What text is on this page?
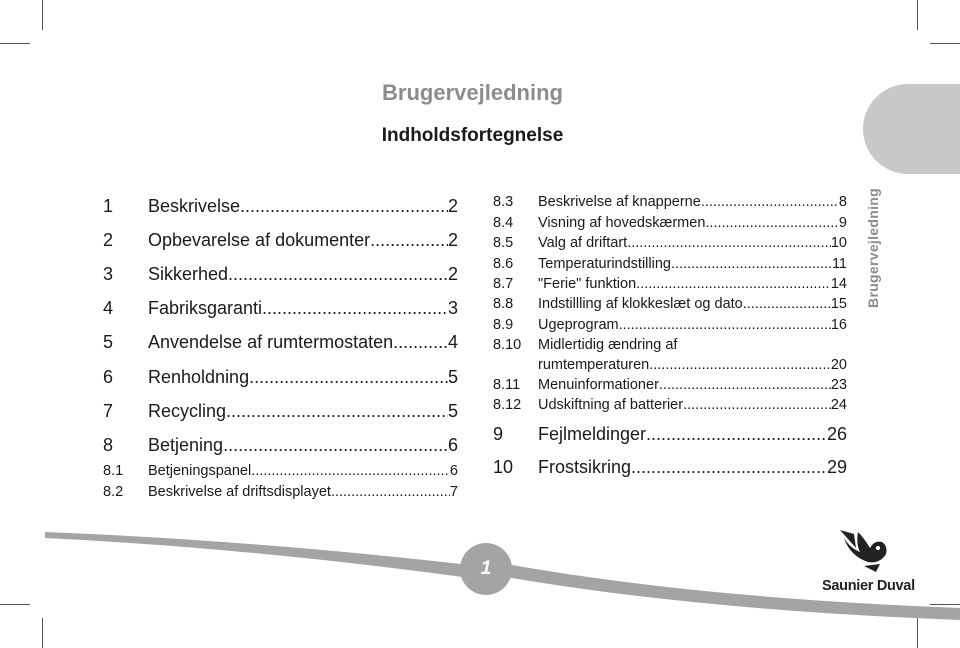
Brugervejledning
Brugervejledning
Indholdsfortegnelse
1	Beskrivelse .....	2
2	Opbevarelse af dokumenter .....	2
3	Sikkerhed .....	2
4	Fabriksgaranti .....	3
5	Anvendelse af rumtermostaten .....	4
6	Renholdning .....	5
7	Recycling .....	5
8	Betjening .....	6
8.1	Betjeningspanel .....	6
8.2	Beskrivelse af driftsdisplayet .....	7
8.3	Beskrivelse af knapperne .....	8
8.4	Visning af hovedskærmen .....	9
8.5	Valg af driftart .....	10
8.6	Temperaturindstilling .....	11
8.7	"Ferie" funktion .....	14
8.8	Indstillling af klokkeslæt og dato .....	15
8.9	Ugeprogram .....	16
8.10	Midlertidig ændring af
rumtemperaturen .....	20
8.11	Menuinformationer .....	23
8.12	Udskiftning af batterier .....	24
9	Fejlmeldinger .....	26
10	Frostsikring .....	29
1
Saunier Duval
